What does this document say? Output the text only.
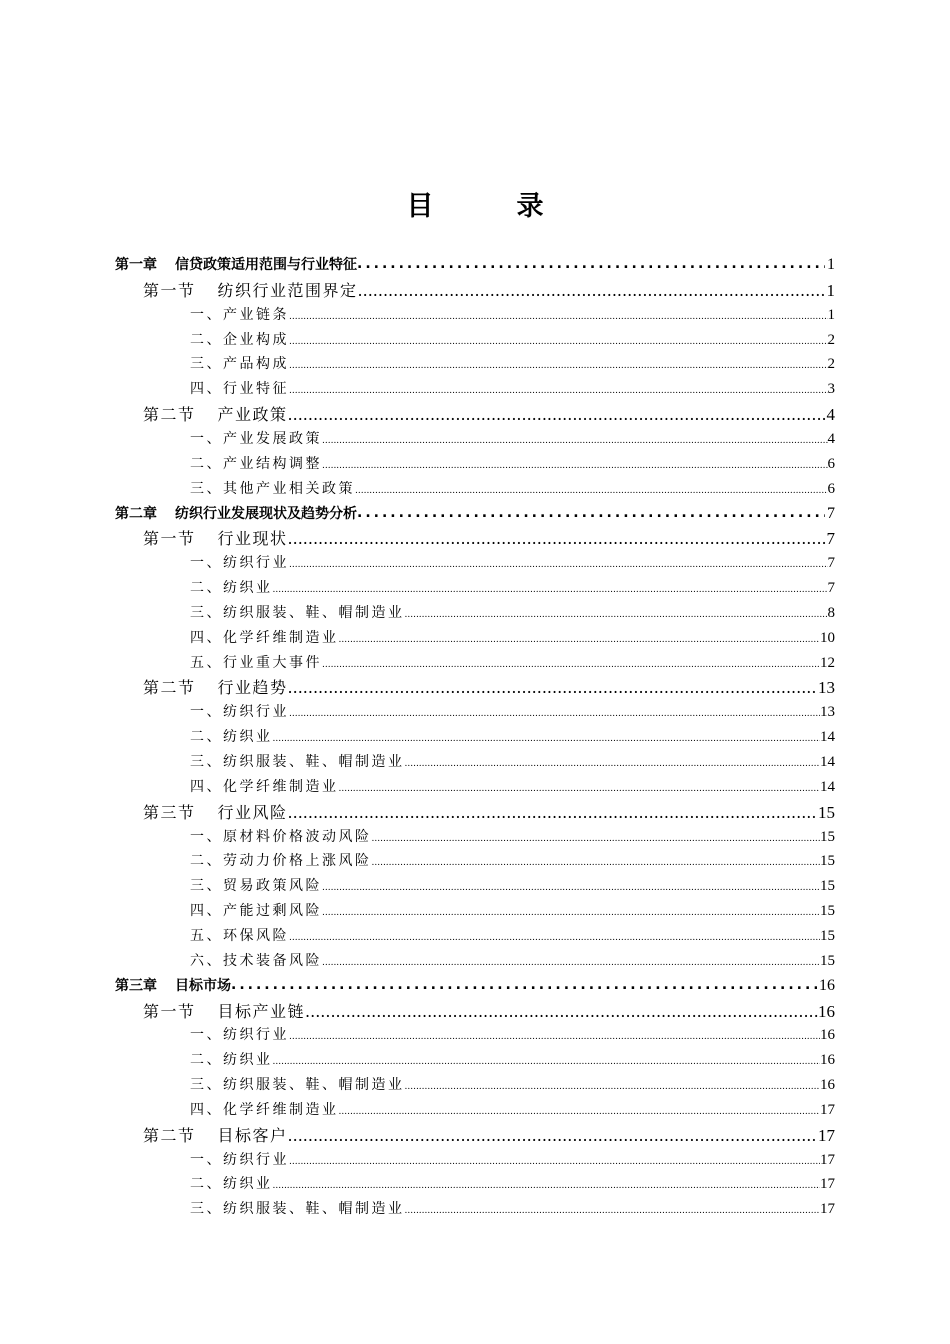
目　录
第一章 信贷政策适用范围与行业特征 .....	1
第一节 纺织行业范围界定 .....	1
一、产业链条 .....	1
二、企业构成 .....	2
三、产品构成 .....	2
四、行业特征 .....	3
第二节 产业政策 .....	4
一、产业发展政策 .....	4
二、产业结构调整 .....	6
三、其他产业相关政策 .....	6
第二章 纺织行业发展现状及趋势分析 .....	7
第一节 行业现状 .....	7
一、纺织行业 .....	7
二、纺织业 .....	7
三、纺织服装、鞋、帽制造业 .....	8
四、化学纤维制造业 .....	10
五、行业重大事件 .....	12
第二节 行业趋势 .....	13
一、纺织行业 .....	13
二、纺织业 .....	14
三、纺织服装、鞋、帽制造业 .....	14
四、化学纤维制造业 .....	14
第三节 行业风险 .....	15
一、原材料价格波动风险 .....	15
二、劳动力价格上涨风险 .....	15
三、贸易政策风险 .....	15
四、产能过剩风险 .....	15
五、环保风险 .....	15
六、技术装备风险 .....	15
第三章 目标市场 .....	16
第一节 目标产业链 .....	16
一、纺织行业 .....	16
二、纺织业 .....	16
三、纺织服装、鞋、帽制造业 .....	16
四、化学纤维制造业 .....	17
第二节 目标客户 .....	17
一、纺织行业 .....	17
二、纺织业 .....	17
三、纺织服装、鞋、帽制造业 .....	17
